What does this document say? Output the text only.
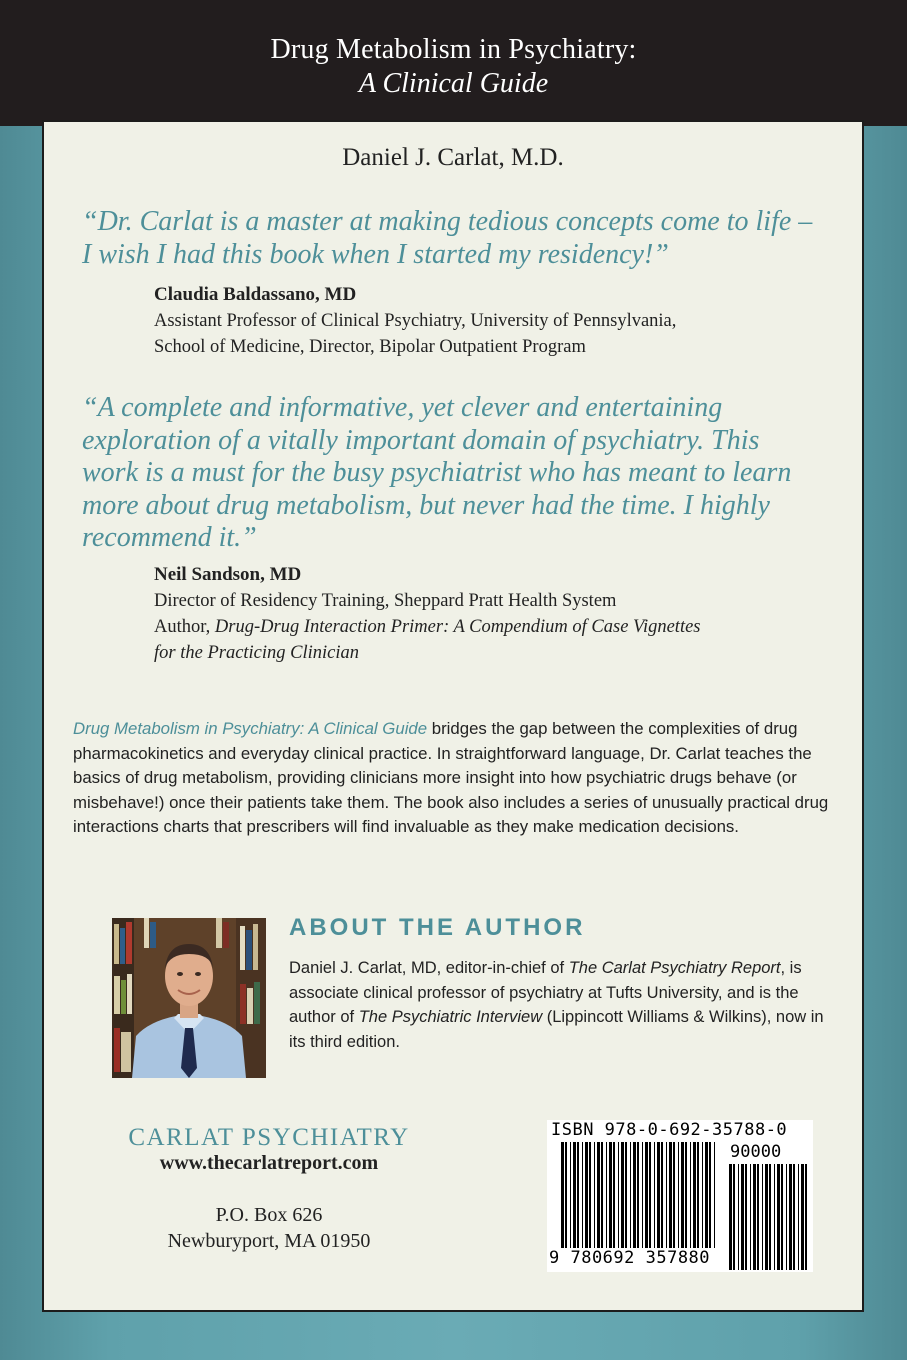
Drug Metabolism in Psychiatry:
A Clinical Guide
Daniel J. Carlat, M.D.
“Dr. Carlat is a master at making tedious concepts come to life – I wish I had this book when I started my residency!”
Claudia Baldassano, MD
Assistant Professor of Clinical Psychiatry, University of Pennsylvania,
School of Medicine, Director, Bipolar Outpatient Program
“A complete and informative, yet clever and entertaining exploration of a vitally important domain of psychiatry. This work is a must for the busy psychiatrist who has meant to learn more about drug metabolism, but never had the time. I highly recommend it.”
Neil Sandson, MD
Director of Residency Training, Sheppard Pratt Health System
Author, Drug-Drug Interaction Primer: A Compendium of Case Vignettes
for the Practicing Clinician
Drug Metabolism in Psychiatry: A Clinical Guide bridges the gap between the complexities of drug pharmacokinetics and everyday clinical practice. In straightforward language, Dr. Carlat teaches the basics of drug metabolism, providing clinicians more insight into how psychiatric drugs behave (or misbehave!) once their patients take them. The book also includes a series of unusually practical drug interactions charts that prescribers will find invaluable as they make medication decisions.
ABOUT THE AUTHOR
Daniel J. Carlat, MD, editor-in-chief of The Carlat Psychiatry Report, is associate clinical professor of psychiatry at Tufts University, and is the author of The Psychiatric Interview (Lippincott Williams & Wilkins), now in its third edition.
CARLAT PSYCHIATRY
www.thecarlatreport.com
P.O. Box 626
Newburyport, MA 01950
ISBN 978-0-692-35788-0
90000
9 780692 357880
